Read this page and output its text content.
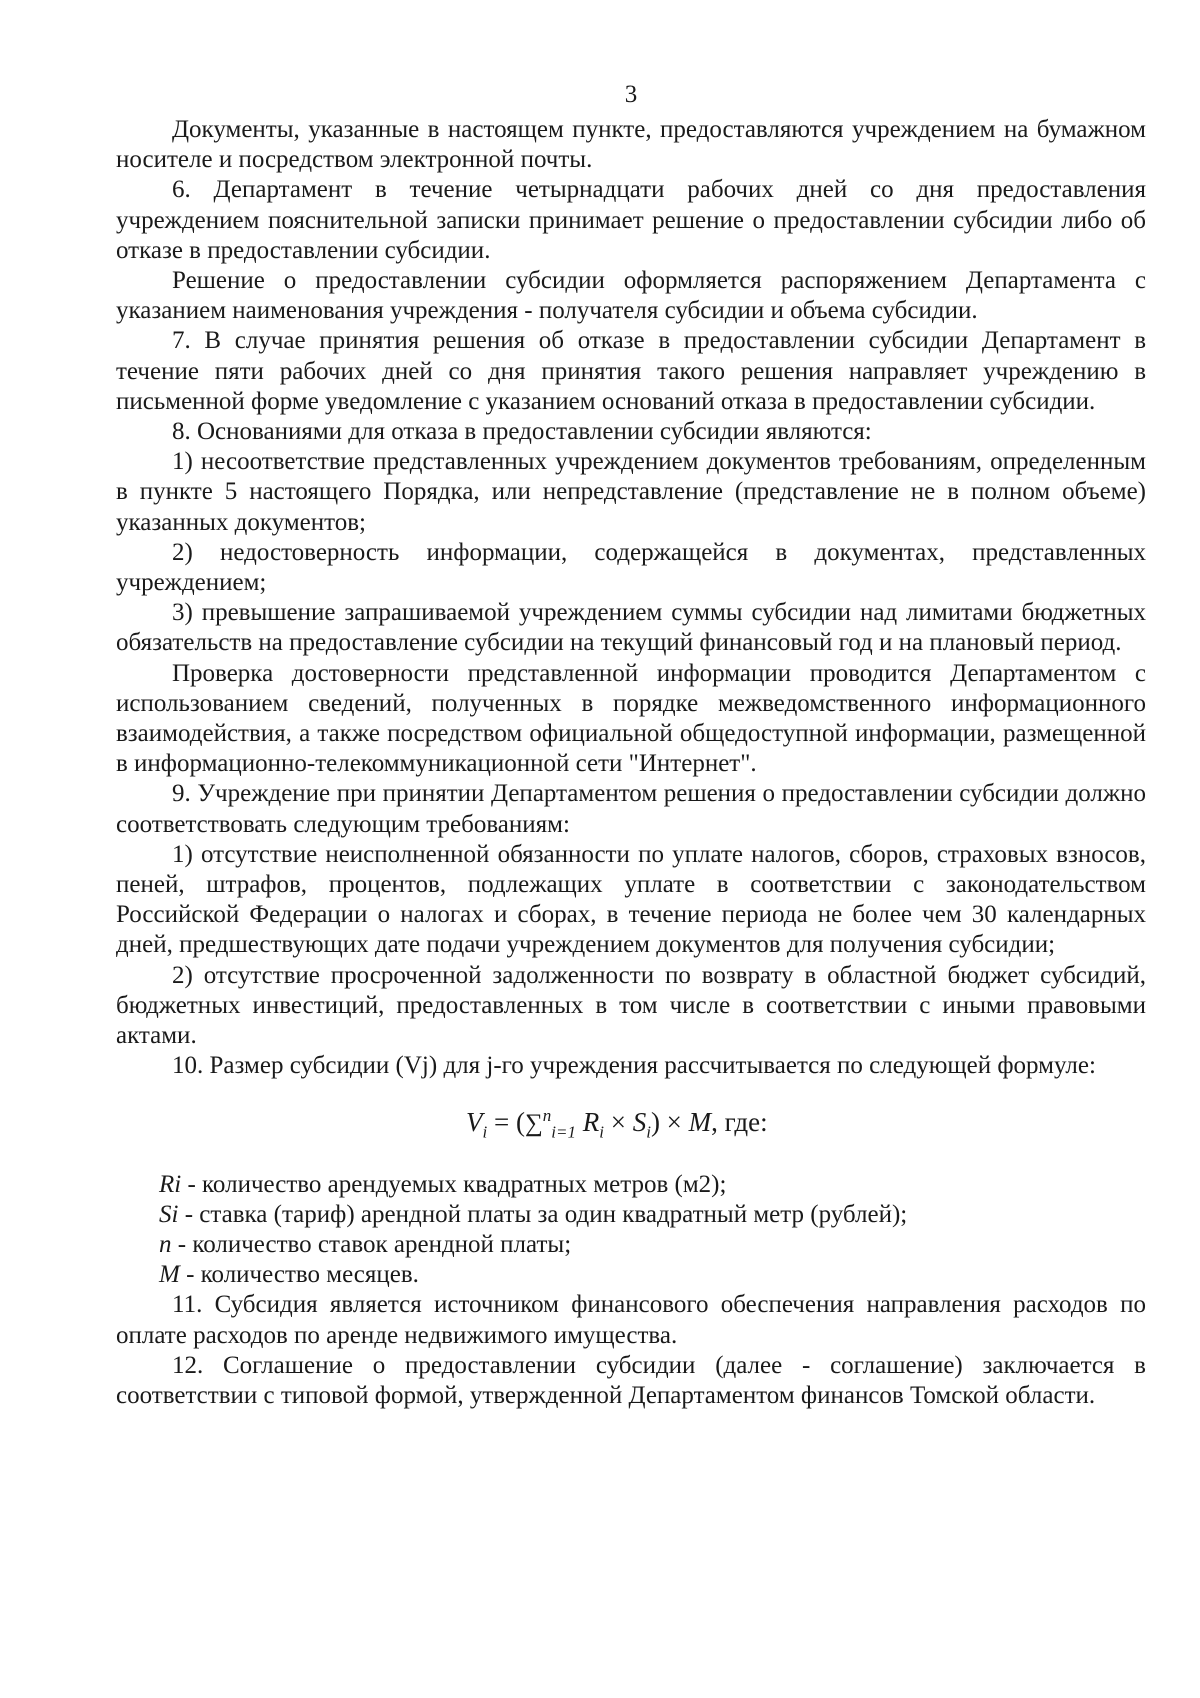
3

Документы, указанные в настоящем пункте, предоставляются учреждением на бумажном носителе и посредством электронной почты.

6. Департамент в течение четырнадцати рабочих дней со дня предоставления учреждением пояснительной записки принимает решение о предоставлении субсидии либо об отказе в предоставлении субсидии.

Решение о предоставлении субсидии оформляется распоряжением Департамента с указанием наименования учреждения - получателя субсидии и объема субсидии.

7. В случае принятия решения об отказе в предоставлении субсидии Департамент в течение пяти рабочих дней со дня принятия такого решения направляет учреждению в письменной форме уведомление с указанием оснований отказа в предоставлении субсидии.

8. Основаниями для отказа в предоставлении субсидии являются:

1) несоответствие представленных учреждением документов требованиям, определенным в пункте 5 настоящего Порядка, или непредставление (представление не в полном объеме) указанных документов;

2) недостоверность информации, содержащейся в документах, представленных учреждением;

3) превышение запрашиваемой учреждением суммы субсидии над лимитами бюджетных обязательств на предоставление субсидии на текущий финансовый год и на плановый период.

Проверка достоверности представленной информации проводится Департаментом с использованием сведений, полученных в порядке межведомственного информационного взаимодействия, а также посредством официальной общедоступной информации, размещенной в информационно-телекоммуникационной сети "Интернет".

9. Учреждение при принятии Департаментом решения о предоставлении субсидии должно соответствовать следующим требованиям:

1) отсутствие неисполненной обязанности по уплате налогов, сборов, страховых взносов, пеней, штрафов, процентов, подлежащих уплате в соответствии с законодательством Российской Федерации о налогах и сборах, в течение периода не более чем 30 календарных дней, предшествующих дате подачи учреждением документов для получения субсидии;

2) отсутствие просроченной задолженности по возврату в областной бюджет субсидий, бюджетных инвестиций, предоставленных в том числе в соответствии с иными правовыми актами.

10. Размер субсидии (Vj) для j-го учреждения рассчитывается по следующей формуле:

$V_i = (\sum^n_{i=1}$ $R_i \times S_i) \times M$, где:

Ri - количество арендуемых квадратных метров (м2);

Si - ставка (тариф) арендной платы за один квадратный метр (рублей);

n - количество ставок арендной платы;

M - количество месяцев.

11. Субсидия является источником финансового обеспечения направления расходов по оплате расходов по аренде недвижимого имущества.

12. Соглашение о предоставлении субсидии (далее - соглашение) заключается в соответствии с типовой формой, утвержденной Департаментом финансов Томской области.
